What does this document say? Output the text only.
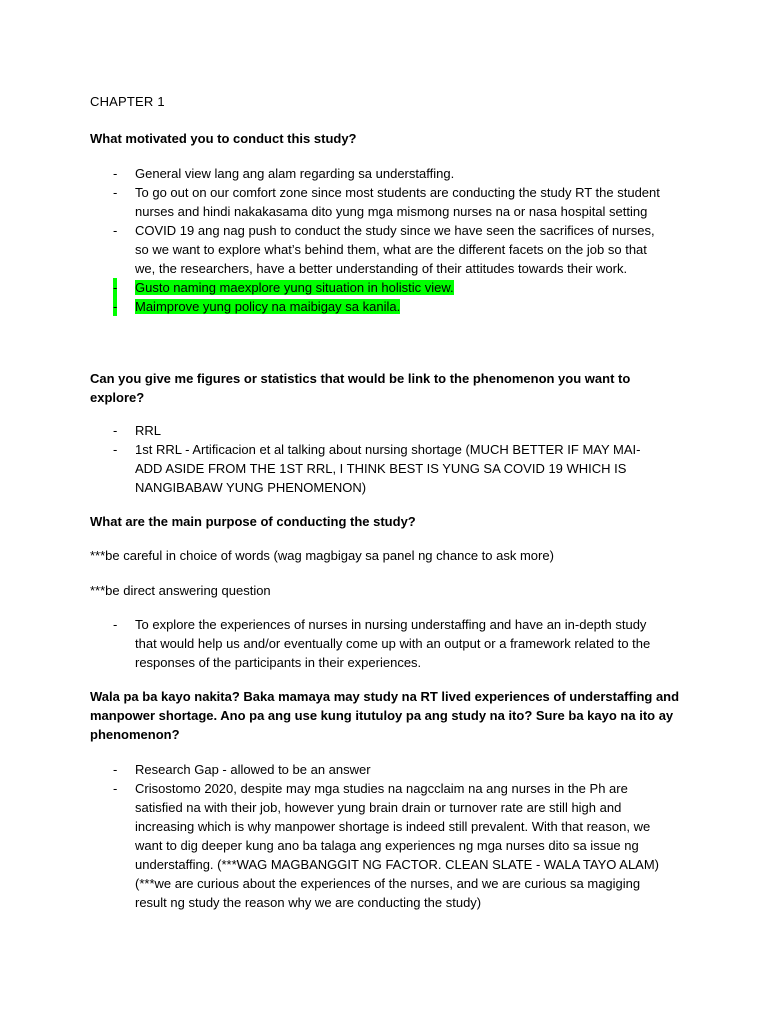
CHAPTER 1
What motivated you to conduct this study?
- General view lang ang alam regarding sa understaffing.
- To go out on our comfort zone since most students are conducting the study RT the student nurses and hindi nakakasama dito yung mga mismong nurses na or nasa hospital setting
- COVID 19 ang nag push to conduct the study since we have seen the sacrifices of nurses, so we want to explore what’s behind them, what are the different facets on the job so that we, the researchers, have a better understanding of their attitudes towards their work.
- Gusto naming maexplore yung situation in holistic view.
- Maimprove yung policy na maibigay sa kanila.
Can you give me figures or statistics that would be link to the phenomenon you want to explore?
- RRL
- 1st RRL - Artificacion et al talking about nursing shortage (MUCH BETTER IF MAY MAI-ADD ASIDE FROM THE 1ST RRL, I THINK BEST IS YUNG SA COVID 19 WHICH IS NANGIBABAW YUNG PHENOMENON)
What are the main purpose of conducting the study?
***be careful in choice of words (wag magbigay sa panel ng chance to ask more)
***be direct answering question
- To explore the experiences of nurses in nursing understaffing and have an in-depth study that would help us and/or eventually come up with an output or a framework related to the responses of the participants in their experiences.
Wala pa ba kayo nakita? Baka mamaya may study na RT lived experiences of understaffing and manpower shortage. Ano pa ang use kung itutuloy pa ang study na ito? Sure ba kayo na ito ay phenomenon?
- Research Gap - allowed to be an answer
- Crisostomo 2020, despite may mga studies na nagcclaim na ang nurses in the Ph are satisfied na with their job, however yung brain drain or turnover rate are still high and increasing which is why manpower shortage is indeed still prevalent. With that reason, we want to dig deeper kung ano ba talaga ang experiences ng mga nurses dito sa issue ng understaffing. (***WAG MAGBANGGIT NG FACTOR. CLEAN SLATE - WALA TAYO ALAM) (***we are curious about the experiences of the nurses, and we are curious sa magiging result ng study the reason why we are conducting the study)
